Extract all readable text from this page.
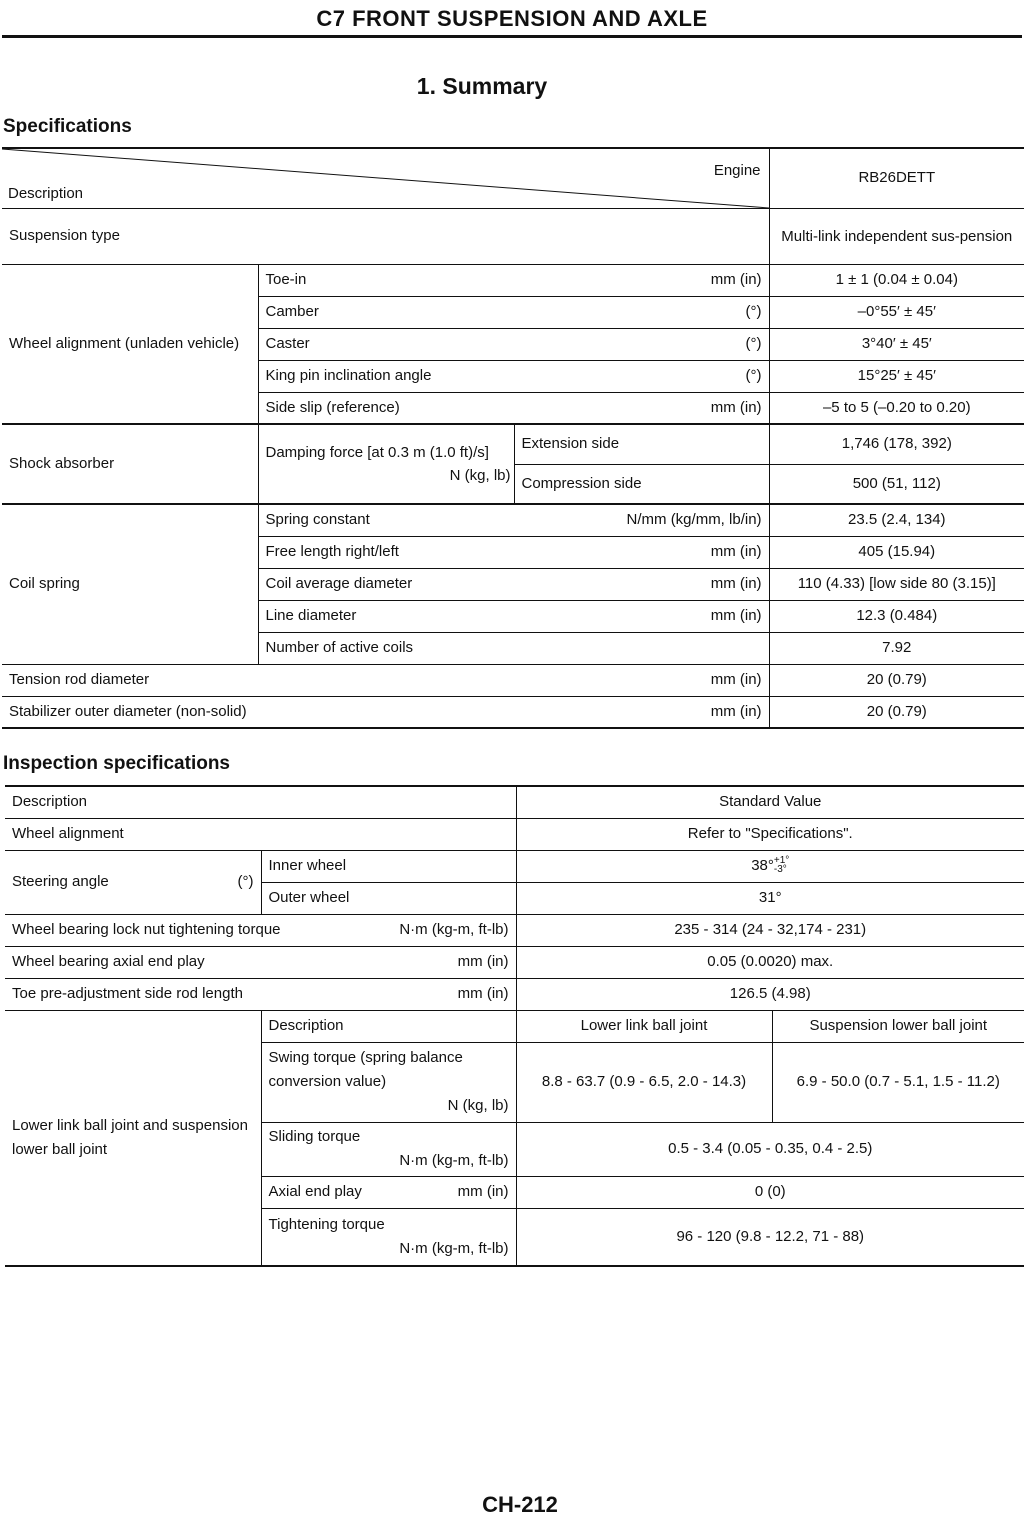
C7 FRONT SUSPENSION AND AXLE
1. Summary
Specifications
Engine
Description			RB26DETT
Suspension type			Multi-link independent sus-pension
Wheel alignment (unladen vehicle)	Toe-in mm (in)		1 ± 1 (0.04 ± 0.04)

	Camber (°)		–0°55′ ± 45′

	Caster (°)		3°40′ ± 45′

	King pin inclination angle (°)		15°25′ ± 45′

	Side slip (reference) mm (in)		–5 to 5 (–0.20 to 0.20)
Shock absorber	Damping force [at 0.3 m (1.0 ft)/s]
N (kg, lb)	Extension side	1,746 (178, 392)
		Compression side	500 (51, 112)
Coil spring	Spring constant N/mm (kg/mm, lb/in)		23.5 (2.4, 134)

	Free length right/left mm (in)		405 (15.94)

	Coil average diameter mm (in)		110 (4.33) [low side 80 (3.15)]

	Line diameter mm (in)		12.3 (0.484)

	Number of active coils		7.92

Tension rod diameter mm (in)			20 (0.79)

Stabilizer outer diameter (non-solid) mm (in)			20 (0.79)
Inspection specifications
Description		Standard Value	
Wheel alignment		Refer to "Specifications".	

Steering angle (°)	Inner wheel	38° +1°
-3°	

	Outer wheel	31°	

Wheel bearing lock nut tightening torque N·m (kg-m, ft-lb)		235 - 314 (24 - 32,174 - 231)	

Wheel bearing axial end play mm (in)		0.05 (0.0020) max.	

Toe pre-adjustment side rod length mm (in)		126.5 (4.98)	
Lower link ball joint and suspension lower ball joint	Description	Lower link ball joint	Suspension lower ball joint

	Swing torque (spring balance conversion value)
N (kg, lb)	8.8 - 63.7 (0.9 - 6.5, 2.0 - 14.3)	6.9 - 50.0 (0.7 - 5.1, 1.5 - 11.2)

	Sliding torque
N·m (kg-m, ft-lb)	0.5 - 3.4 (0.05 - 0.35, 0.4 - 2.5)	

	Axial end play mm (in)	0 (0)	

	Tightening torque
N·m (kg-m, ft-lb)	96 - 120 (9.8 - 12.2, 71 - 88)	
CH-212
